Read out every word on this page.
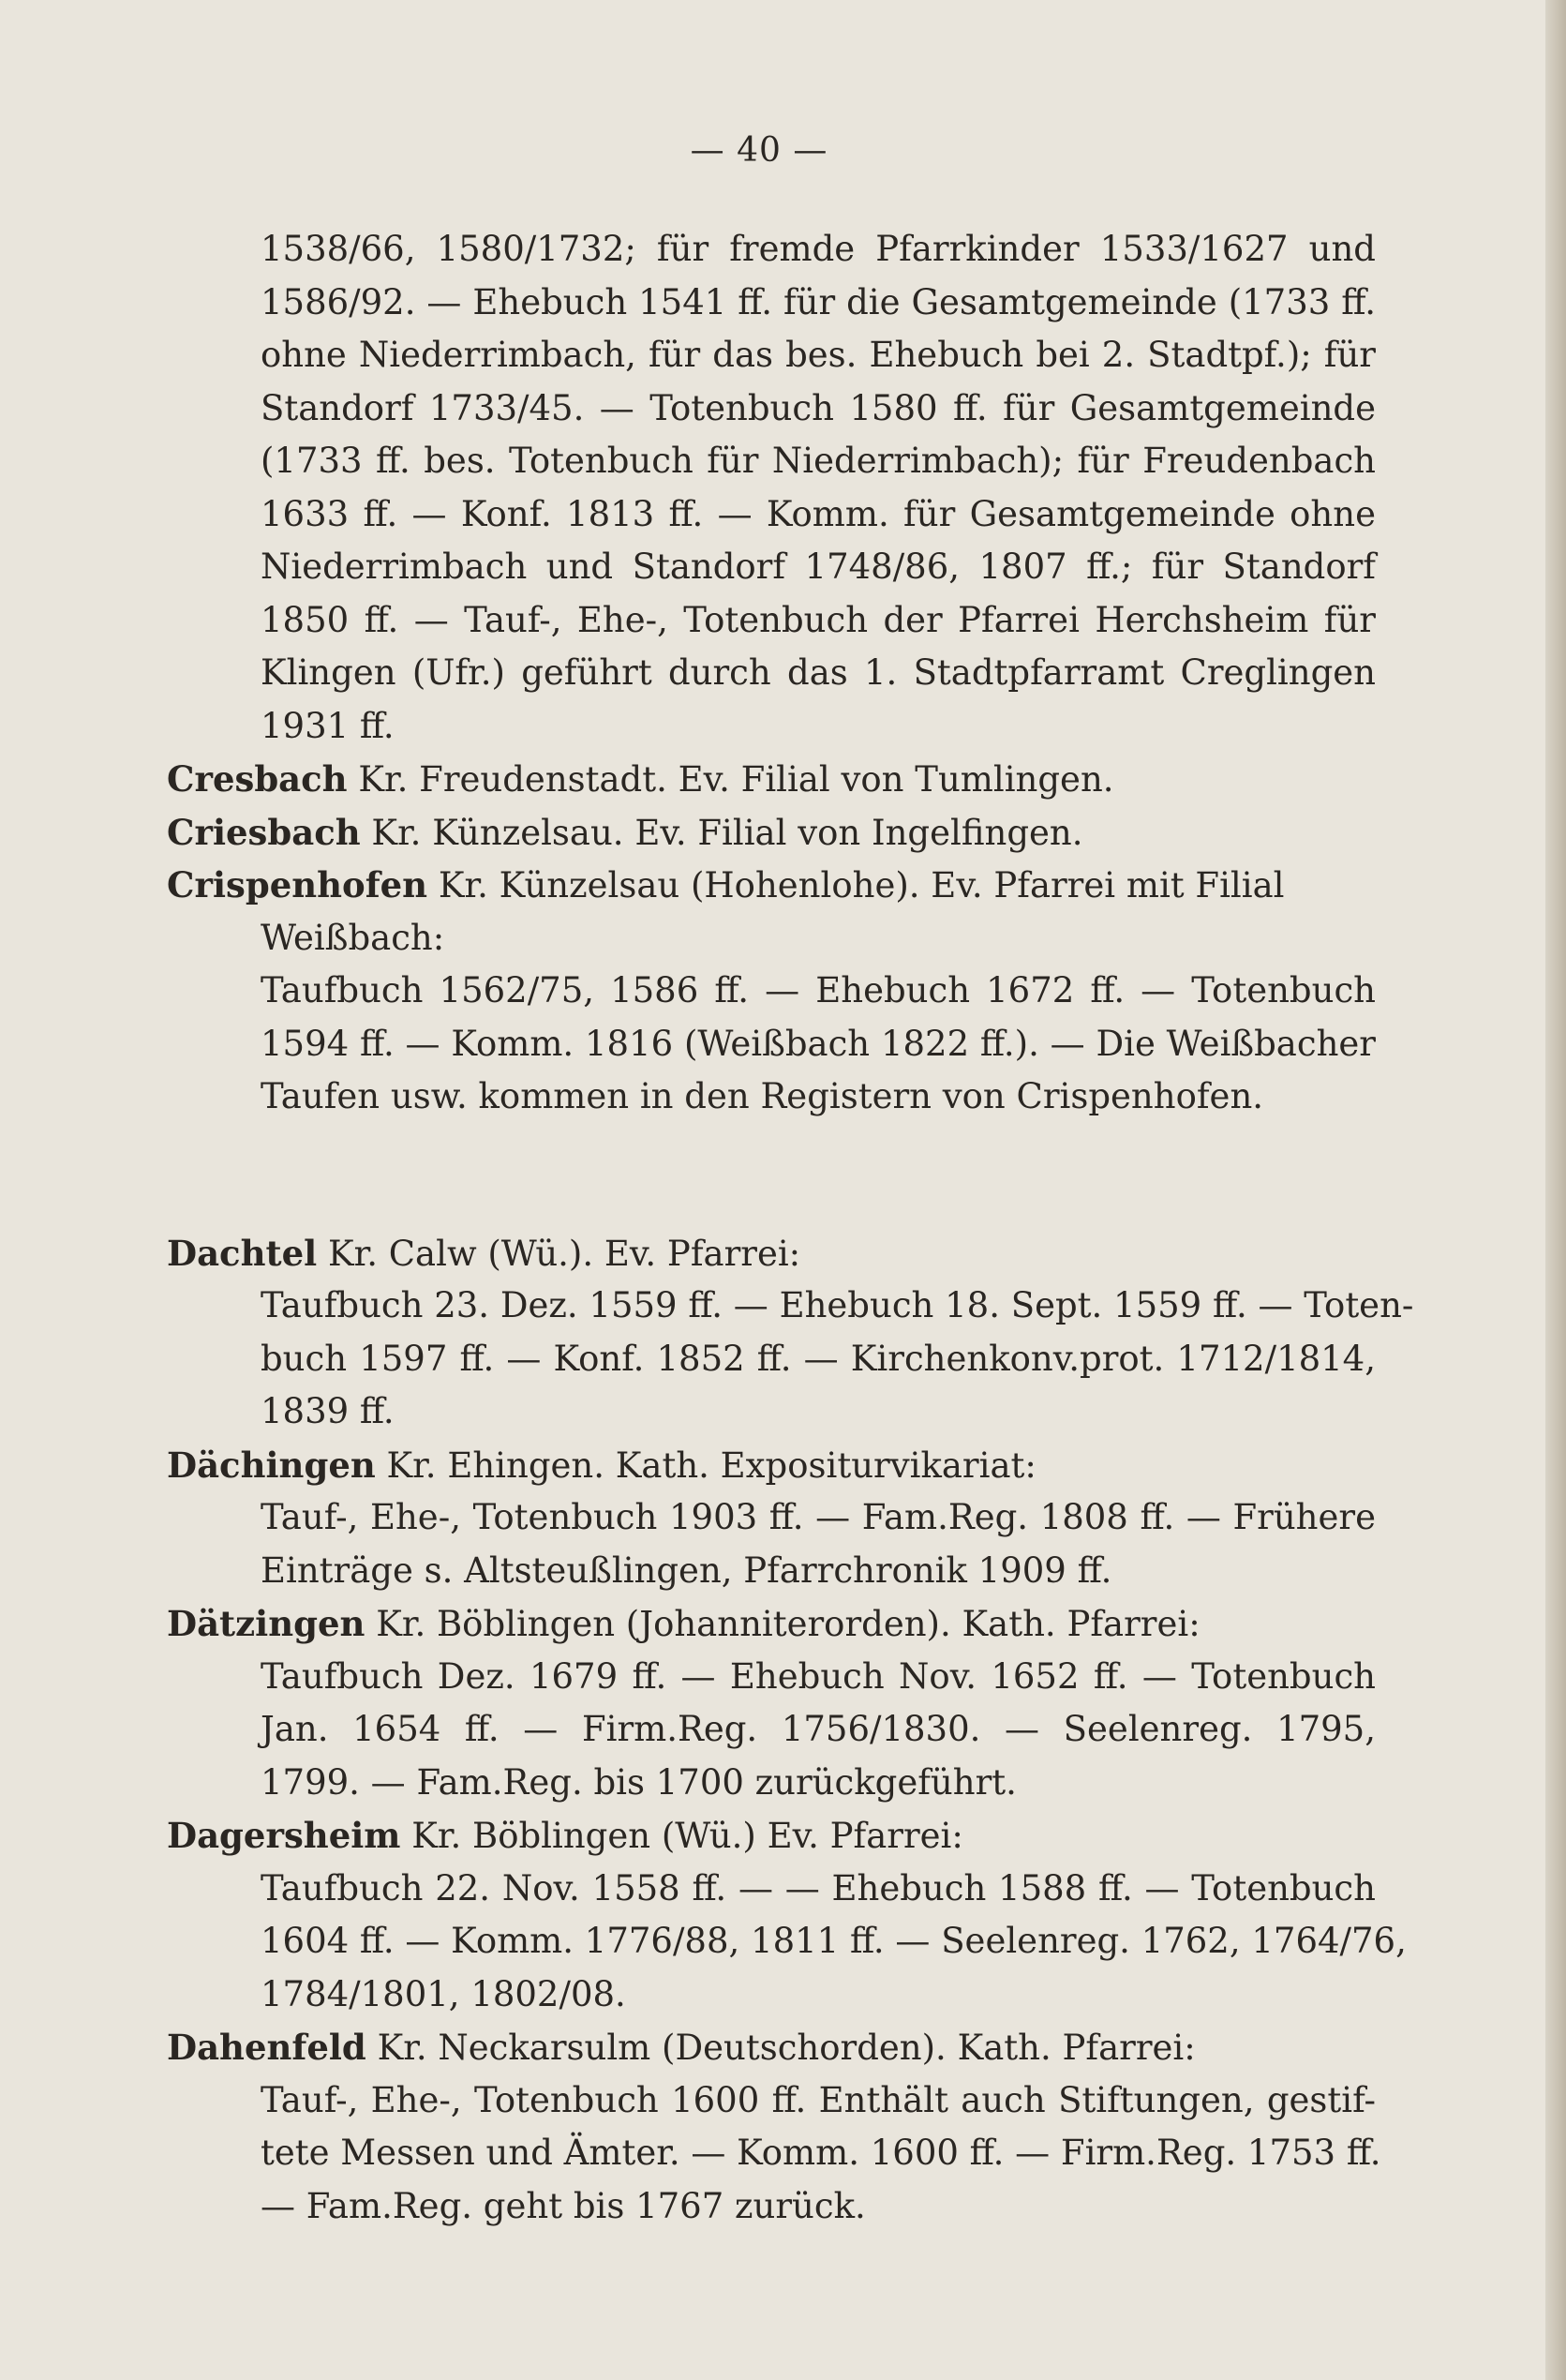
— 40 —
1538/66, 1580/1732; für fremde Pfarrkinder 1533/1627 und
1586/92. — Ehebuch 1541 ff. für die Gesamtgemeinde (1733 ff.
ohne Niederrimbach, für das bes. Ehebuch bei 2. Stadtpf.); für
Standorf 1733/45. — Totenbuch 1580 ff. für Gesamtgemeinde
(1733 ff. bes. Totenbuch für Niederrimbach); für Freudenbach
1633 ff. — Konf. 1813 ff. — Komm. für Gesamtgemeinde ohne
Niederrimbach und Standorf 1748/86, 1807 ff.; für Standorf
1850 ff. — Tauf-, Ehe-, Totenbuch der Pfarrei Herchsheim für
Klingen (Ufr.) geführt durch das 1. Stadtpfarramt Creglingen
1931 ff.
Cresbach Kr. Freudenstadt. Ev. Filial von Tumlingen.
Criesbach Kr. Künzelsau. Ev. Filial von Ingelfingen.
Crispenhofen Kr. Künzelsau (Hohenlohe). Ev. Pfarrei mit Filial
Weißbach:
Taufbuch 1562/75, 1586 ff. — Ehebuch 1672 ff. — Totenbuch
1594 ff. — Komm. 1816 (Weißbach 1822 ff.). — Die Weißbacher
Taufen usw. kommen in den Registern von Crispenhofen.
Dachtel Kr. Calw (Wü.). Ev. Pfarrei:
Taufbuch 23. Dez. 1559 ff. — Ehebuch 18. Sept. 1559 ff. — Toten-
buch 1597 ff. — Konf. 1852 ff. — Kirchenkonv.prot. 1712/1814,
1839 ff.
Dächingen Kr. Ehingen. Kath. Expositurvikariat:
Tauf-, Ehe-, Totenbuch 1903 ff. — Fam.Reg. 1808 ff. — Frühere
Einträge s. Altsteußlingen, Pfarrchronik 1909 ff.
Dätzingen Kr. Böblingen (Johanniterorden). Kath. Pfarrei:
Taufbuch Dez. 1679 ff. — Ehebuch Nov. 1652 ff. — Totenbuch
Jan. 1654 ff. — Firm.Reg. 1756/1830. — Seelenreg. 1795,
1799. — Fam.Reg. bis 1700 zurückgeführt.
Dagersheim Kr. Böblingen (Wü.) Ev. Pfarrei:
Taufbuch 22. Nov. 1558 ff. — — Ehebuch 1588 ff. — Totenbuch
1604 ff. — Komm. 1776/88, 1811 ff. — Seelenreg. 1762, 1764/76,
1784/1801, 1802/08.
Dahenfeld Kr. Neckarsulm (Deutschorden). Kath. Pfarrei:
Tauf-, Ehe-, Totenbuch 1600 ff. Enthält auch Stiftungen, gestif-
tete Messen und Ämter. — Komm. 1600 ff. — Firm.Reg. 1753 ff.
— Fam.Reg. geht bis 1767 zurück.
